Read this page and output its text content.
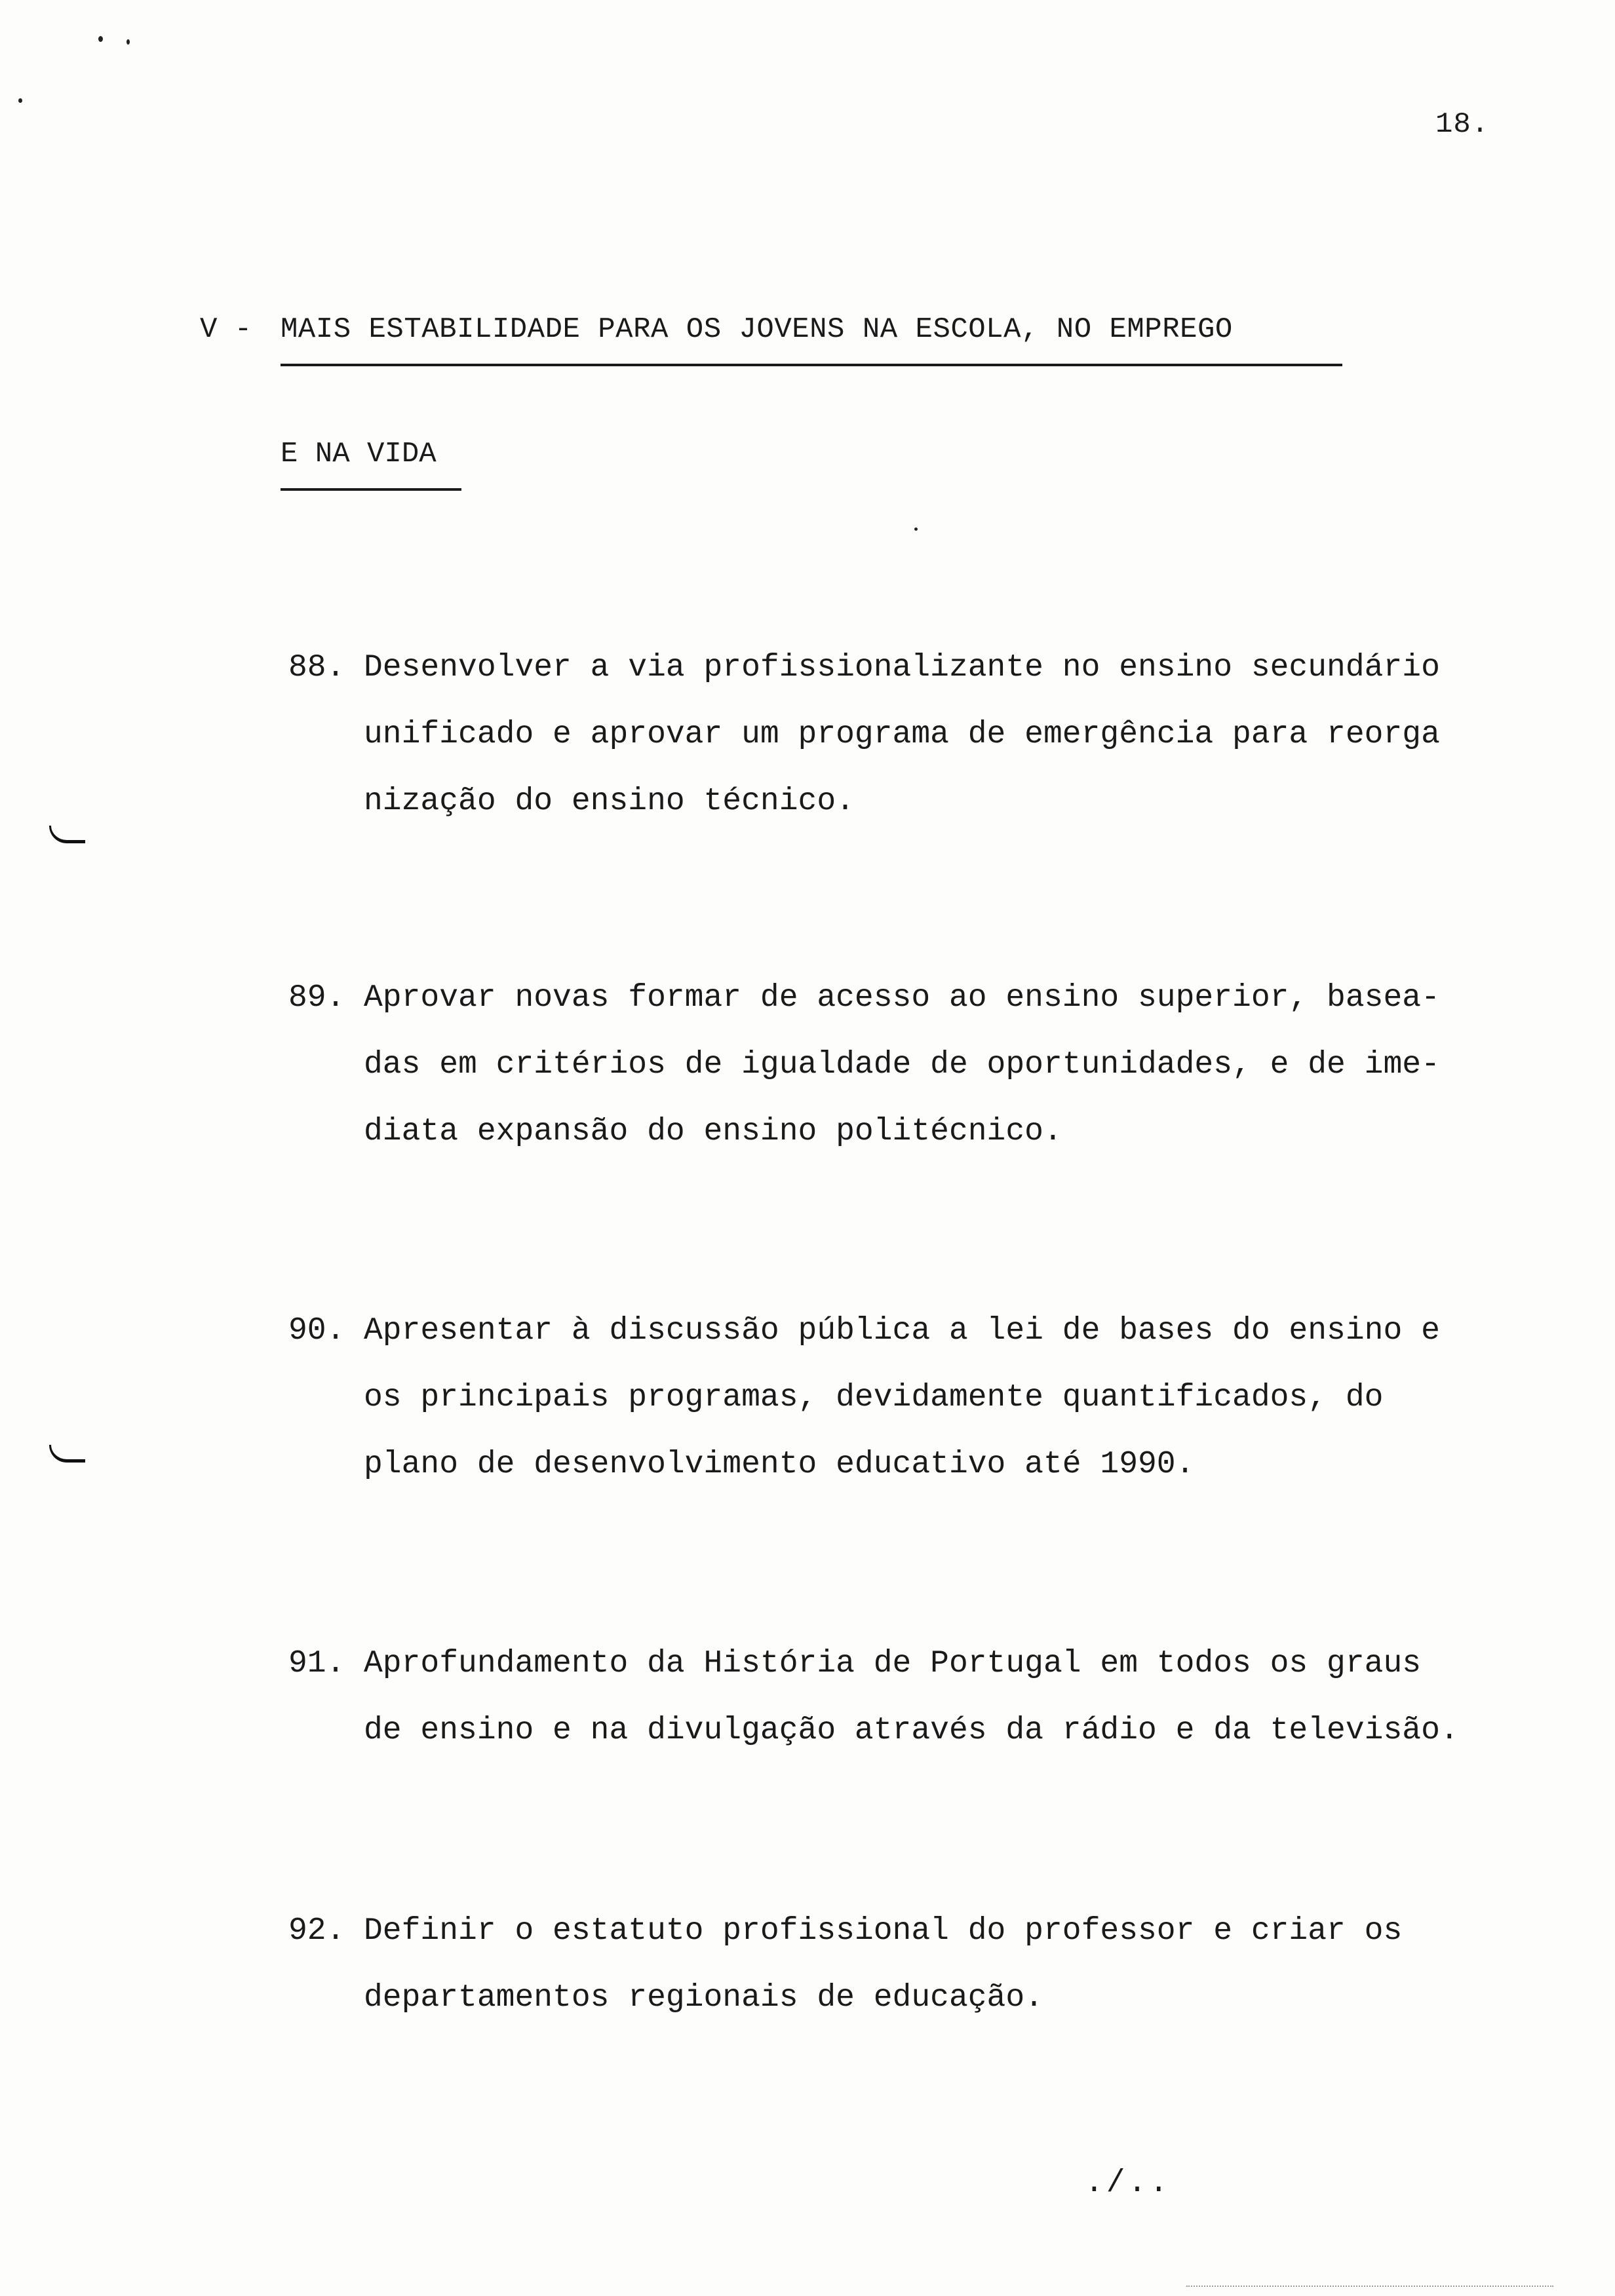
18.
V - MAIS ESTABILIDADE PARA OS JOVENS NA ESCOLA, NO EMPREGO
E NA VIDA
88. Desenvolver a via profissionalizante no ensino secundário
unificado e aprovar um programa de emergência para reorga
nização do ensino técnico.
89. Aprovar novas formar de acesso ao ensino superior, basea-
das em critérios de igualdade de oportunidades, e de ime-
diata expansão do ensino politécnico.
90. Apresentar à discussão pública a lei de bases do ensino e
os principais programas, devidamente quantificados, do
plano de desenvolvimento educativo até 1990.
91. Aprofundamento da História de Portugal em todos os graus
de ensino e na divulgação através da rádio e da televisão.
92. Definir o estatuto profissional do professor e criar os
departamentos regionais de educação.
./..
